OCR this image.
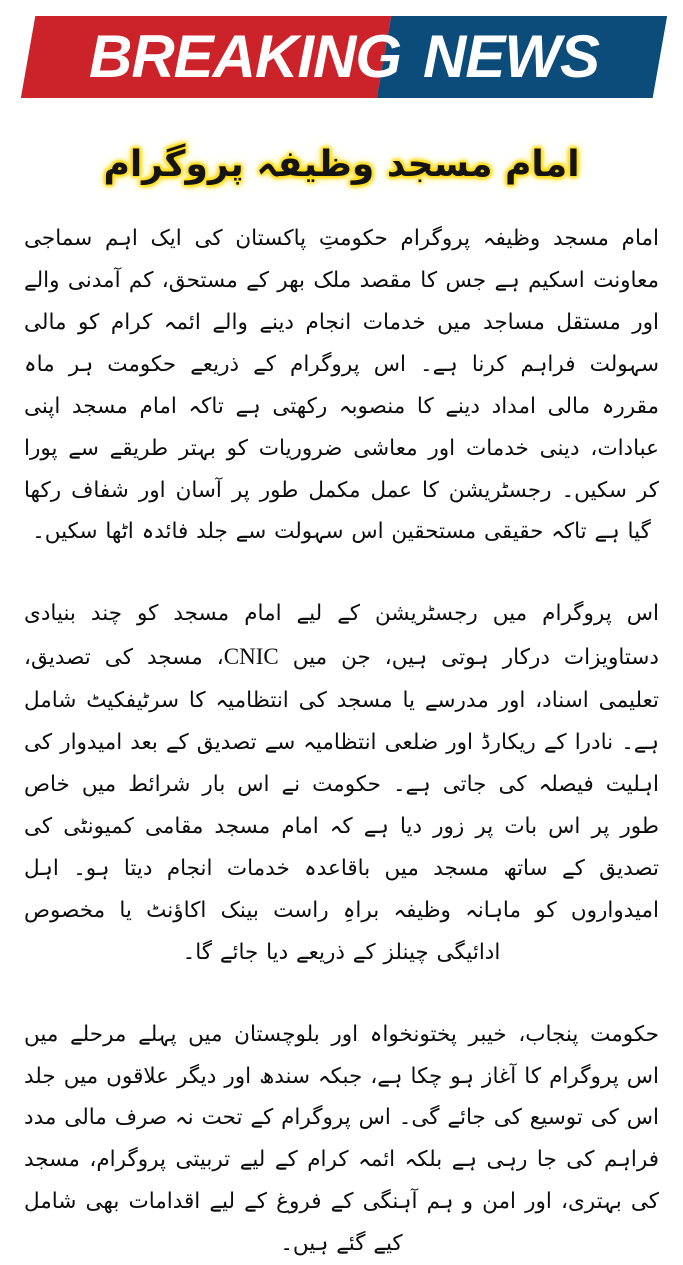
BREAKING NEWS
امام مسجد وظیفہ پروگرام

امام مسجد وظیفہ پروگرام حکومتِ پاکستان کی ایک اہم سماجی معاونت اسکیم ہے جس کا مقصد ملک بھر کے مستحق، کم آمدنی والے اور مستقل مساجد میں خدمات انجام دینے والے ائمہ کرام کو مالی سہولت فراہم کرنا ہے۔ اس پروگرام کے ذریعے حکومت ہر ماہ مقررہ مالی امداد دینے کا منصوبہ رکھتی ہے تاکہ امام مسجد اپنی عبادات، دینی خدمات اور معاشی ضروریات کو بہتر طریقے سے پورا کر سکیں۔ رجسٹریشن کا عمل مکمل طور پر آسان اور شفاف رکھا گیا ہے تاکہ حقیقی مستحقین اس سہولت سے جلد فائدہ اٹھا سکیں۔

اس پروگرام میں رجسٹریشن کے لیے امام مسجد کو چند بنیادی دستاویزات درکار ہوتی ہیں، جن میں CNIC، مسجد کی تصدیق، تعلیمی اسناد، اور مدرسے یا مسجد کی انتظامیہ کا سرٹیفکیٹ شامل ہے۔ نادرا کے ریکارڈ اور ضلعی انتظامیہ سے تصدیق کے بعد امیدوار کی اہلیت فیصلہ کی جاتی ہے۔ حکومت نے اس بار شرائط میں خاص طور پر اس بات پر زور دیا ہے کہ امام مسجد مقامی کمیونٹی کی تصدیق کے ساتھ مسجد میں باقاعدہ خدمات انجام دیتا ہو۔ اہل امیدواروں کو ماہانہ وظیفہ براہِ راست بینک اکاؤنٹ یا مخصوص ادائیگی چینلز کے ذریعے دیا جائے گا۔

حکومت پنجاب، خیبر پختونخواہ اور بلوچستان میں پہلے مرحلے میں اس پروگرام کا آغاز ہو چکا ہے، جبکہ سندھ اور دیگر علاقوں میں جلد اس کی توسیع کی جائے گی۔ اس پروگرام کے تحت نہ صرف مالی مدد فراہم کی جا رہی ہے بلکہ ائمہ کرام کے لیے تربیتی پروگرام، مسجد کی بہتری، اور امن و ہم آہنگی کے فروغ کے لیے اقدامات بھی شامل کیے گئے ہیں۔
